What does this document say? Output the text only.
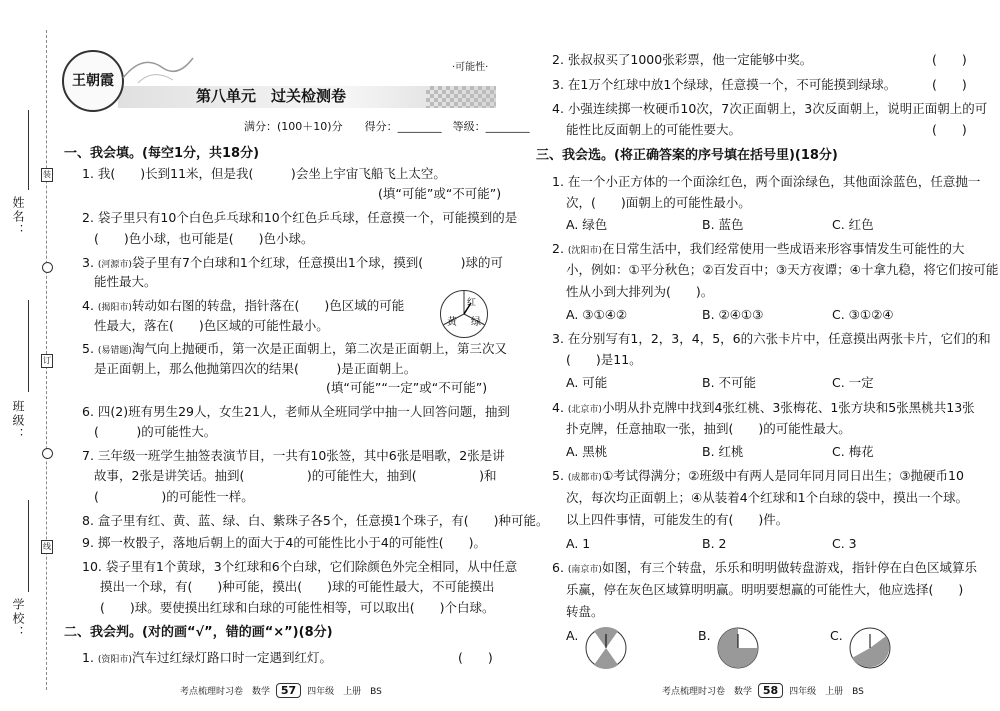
姓名：
班级：
学校：
装
订
线
王朝霞
·可能性·
第八单元　过关检测卷
满分：(100＋10)分　　得分：________　等级：________
一、我会填。(每空1分，共18分)
1. 我(　　)长到11米，但是我(　　　)会坐上宇宙飞船飞上太空。
(填“可能”或“不可能”)
2. 袋子里只有10个白色乒乓球和10个红色乒乓球，任意摸一个，可能摸到的是
(　　)色小球，也可能是(　　)色小球。
3. (河源市)袋子里有7个白球和1个红球，任意摸出1个球，摸到(　　　)球的可
能性最大。
4. (揭阳市)转动如右图的转盘，指针落在(　　)色区域的可能
性最大，落在(　　)色区域的可能性最小。
红
黄 绿
5. (易错题)淘气向上抛硬币，第一次是正面朝上，第二次是正面朝上，第三次又
是正面朝上，那么他抛第四次的结果(　　　)是正面朝上。
(填“可能”“一定”或“不可能”)
6. 四(2)班有男生29人，女生21人，老师从全班同学中抽一人回答问题，抽到
(　　　)的可能性大。
7. 三年级一班学生抽签表演节目，一共有10张签，其中6张是唱歌，2张是讲
故事，2张是讲笑话。抽到(　　　　　)的可能性大，抽到(　　　　　)和
(　　　　　)的可能性一样。
8. 盒子里有红、黄、蓝、绿、白、紫珠子各5个，任意摸1个珠子，有(　　)种可能。
9. 掷一枚骰子，落地后朝上的面大于4的可能性比小于4的可能性(　　)。
10. 袋子里有1个黄球，3个红球和6个白球，它们除颜色外完全相同，从中任意
摸出一个球，有(　　)种可能，摸出(　　)球的可能性最大，不可能摸出
(　　)球。要使摸出红球和白球的可能性相等，可以取出(　　)个白球。
二、我会判。(对的画“√”，错的画“×”)(8分)
1. (资阳市)汽车过红绿灯路口时一定遇到红灯。	(　　)
考点梳理时习卷　数学 57 四年级　上册　BS
2. 张叔叔买了1000张彩票，他一定能够中奖。	(　　)
3. 在1万个红球中放1个绿球，任意摸一个，不可能摸到绿球。	(　　)
4. 小强连续掷一枚硬币10次，7次正面朝上，3次反面朝上，说明正面朝上的可
能性比反面朝上的可能性要大。	(　　)
三、我会选。(将正确答案的序号填在括号里)(18分)
1. 在一个小正方体的一个面涂红色，两个面涂绿色，其他面涂蓝色，任意抛一
次，(　　)面朝上的可能性最小。
A. 绿色	B. 蓝色	C. 红色
2. (沈阳市)在日常生活中，我们经常使用一些成语来形容事情发生可能性的大
小，例如：①平分秋色；②百发百中；③天方夜谭；④十拿九稳，将它们按可能
性从小到大排列为(　　)。
A. ③①④②	B. ②④①③	C. ③①②④
3. 在分别写有1，2，3，4，5，6的六张卡片中，任意摸出两张卡片，它们的和
(　　)是11。
A. 可能	B. 不可能	C. 一定
4. (北京市)小明从扑克牌中找到4张红桃、3张梅花、1张方块和5张黑桃共13张
扑克牌，任意抽取一张，抽到(　　)的可能性最大。
A. 黑桃	B. 红桃	C. 梅花
5. (成都市)①考试得满分；②班级中有两人是同年同月同日出生；③抛硬币10
次，每次均正面朝上；④从装着4个红球和1个白球的袋中，摸出一个球。
以上四件事情，可能发生的有(　　)件。
A. 1	B. 2	C. 3
6. (南京市)如图，有三个转盘，乐乐和明明做转盘游戏，指针停在白色区域算乐
乐赢，停在灰色区域算明明赢。明明要想赢的可能性大，他应选择(　　)
转盘。
A.	B.	C.
考点梳理时习卷　数学 58 四年级　上册　BS
